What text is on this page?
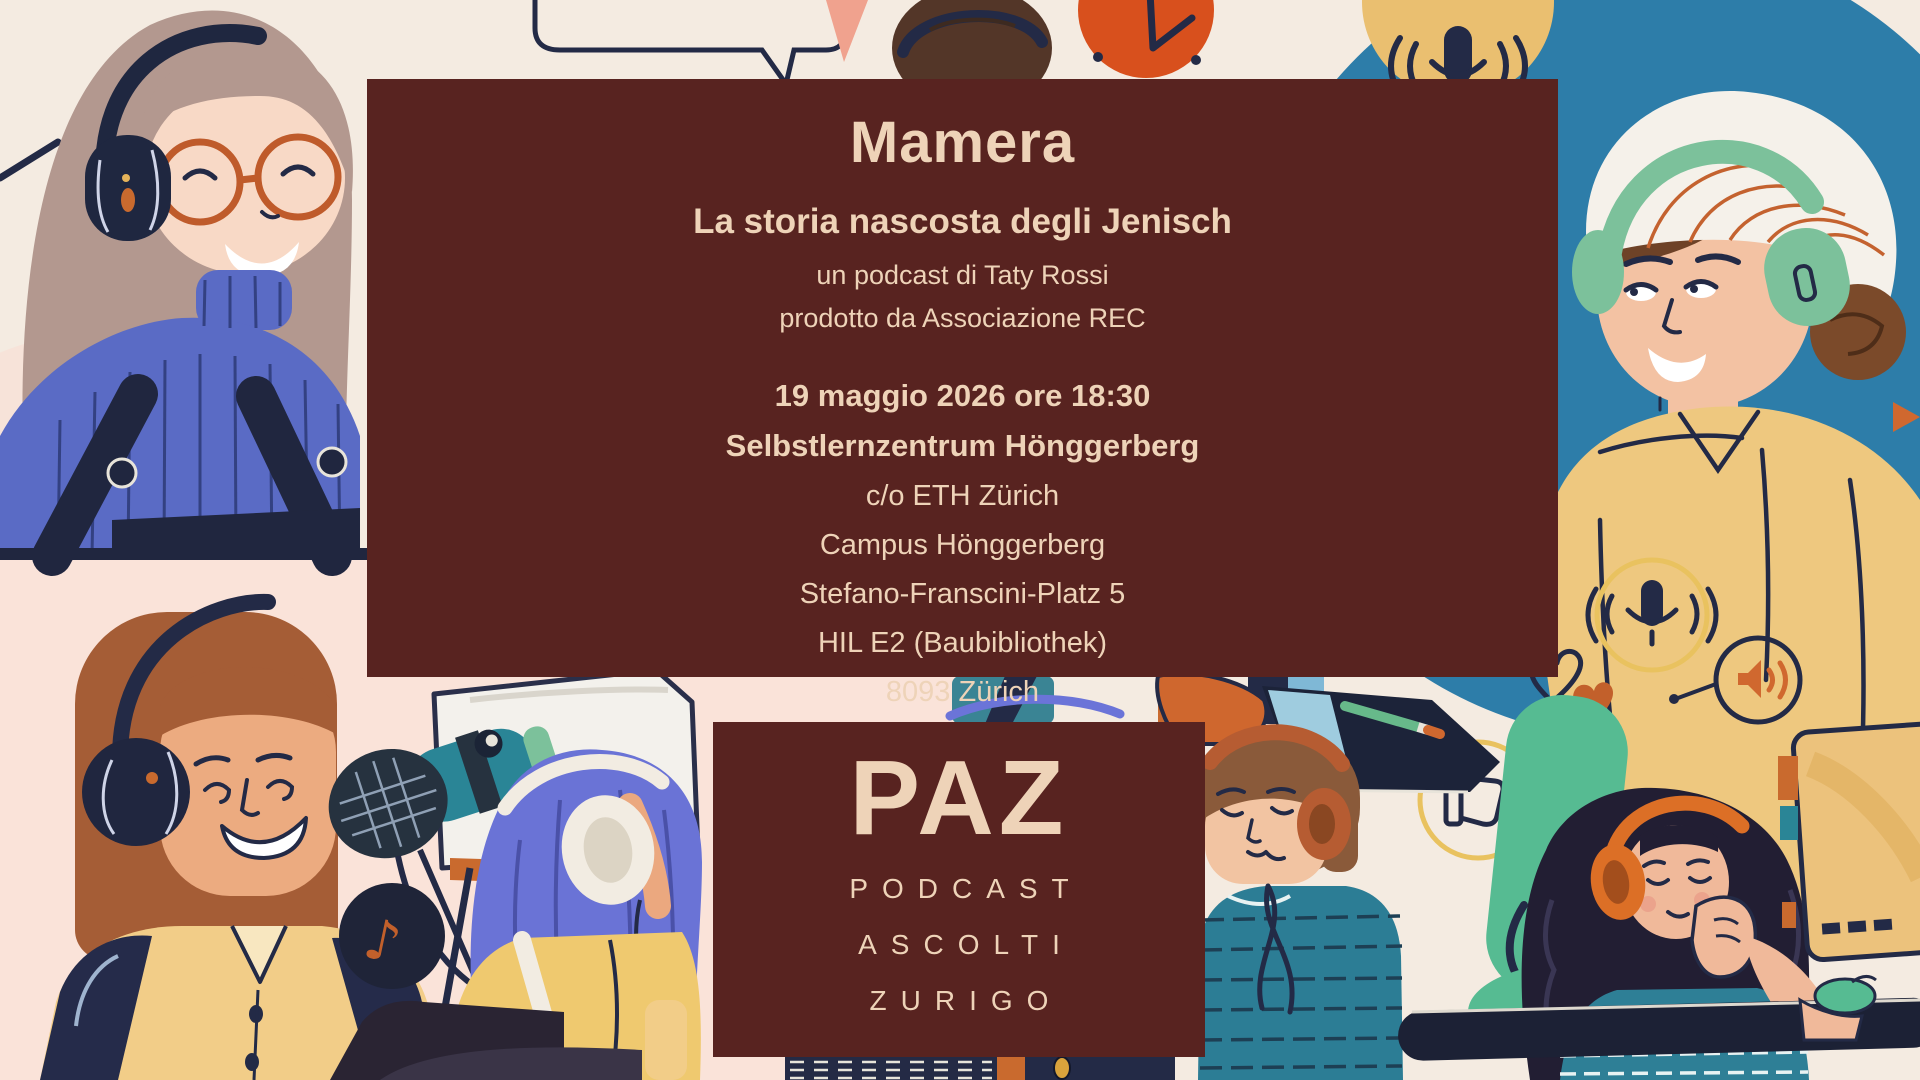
♪
Mamera
La storia nascosta degli Jenisch

un podcast di Taty Rossi

prodotto da Associazione REC

19 maggio 2026 ore 18:30

Selbstlernzentrum Hönggerberg

c/o ETH Zürich

Campus Hönggerberg

Stefano-Franscini-Platz 5

HIL E2 (Baubibliothek)

8093 Zürich

PAZ
PODCAST
ASCOLTI
ZURIGO
